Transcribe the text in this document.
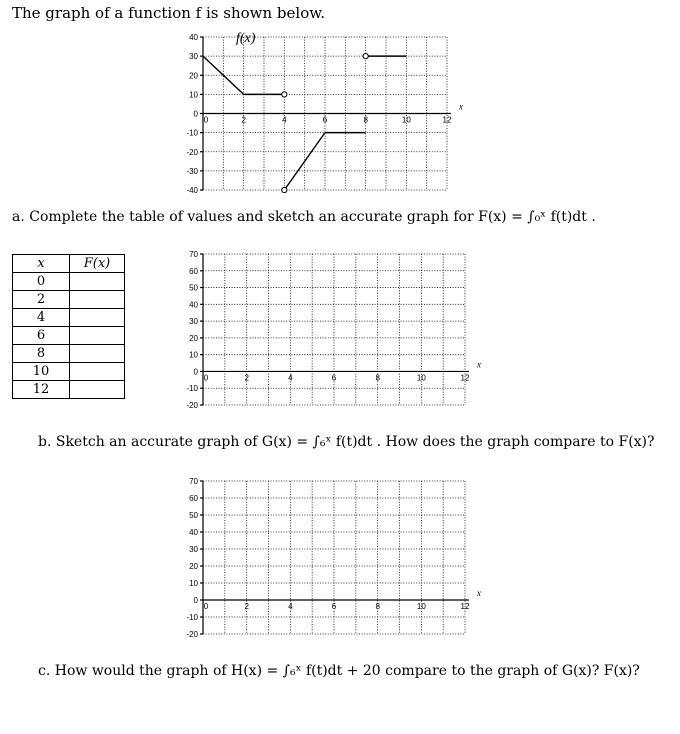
The graph of a function f is shown below.
a. Complete the table of values and sketch an accurate graph for F(x) = ∫₀ˣ f(t)dt .
b. Sketch an accurate graph of G(x) = ∫₆ˣ f(t)dt . How does the graph compare to F(x)?
c. How would the graph of H(x) = ∫₆ˣ f(t)dt + 20 compare to the graph of G(x)? F(x)?
x	F(x)
0	
2	
4	
6	
8	
10	
12	
40
30
20
10
0
-10
-20
-30
-40
0	2	4	6	8	10	12
x
f(x)
70
60
50
40
30
20
10
0
-10
-20
0	2	4	6	8	10	12
x
70
60
50
40
30
20
10
0
-10
-20
0	2	4	6	8	10	12
x
